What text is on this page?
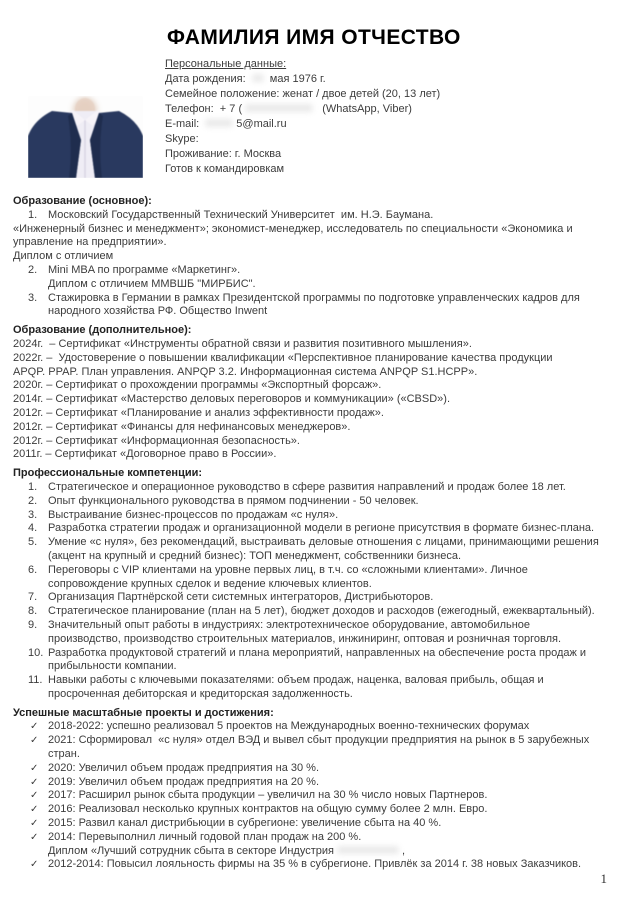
ФАМИЛИЯ ИМЯ ОТЧЕСТВО
Персональные данные:
Дата рождения:  мая 1976 г.
Семейное положение: женат / двое детей (20, 13 лет)
Телефон:  + 7 (	(WhatsApp, Viber)
E-mail:	5@mail.ru
Skype:
Проживание: г. Москва
Готов к командировкам
Образование (основное):
1. Московский Государственный Технический Университет  им. Н.Э. Баумана.
«Инженерный бизнес и менеджмент»; экономист-менеджер, исследователь по специальности «Экономика и
управление на предприятии».
Диплом с отличием
2. Mini MBA по программе «Маркетинг».
Диплом с отличием ММВШБ "МИРБИС".
3. Стажировка в Германии в рамках Президентской программы по подготовке управленческих кадров для
народного хозяйства РФ. Общество Inwent
Образование (дополнительное):
2024г.  – Сертификат «Инструменты обратной связи и развития позитивного мышления».
2022г. –  Удостоверение о повышении квалификации «Перспективное планирование качества продукции
APQP. PPAP. План управления. ANPQP 3.2. Информационная система ANPQP S1.HCPP».
2020г. – Сертификат о прохождении программы «Экспортный форсаж».
2014г. – Сертификат «Мастерство деловых переговоров и коммуникации» («CBSD»).
2012г. – Сертификат «Планирование и анализ эффективности продаж».
2012г. – Сертификат «Финансы для нефинансовых менеджеров».
2012г. – Сертификат «Информационная безопасность».
2011г. – Сертификат «Договорное право в России».
Профессиональные компетенции:
1. Стратегическое и операционное руководство в сфере развития направлений и продаж более 18 лет.
2. Опыт функционального руководства в прямом подчинении - 50 человек.
3. Выстраивание бизнес-процессов по продажам «с нуля».
4. Разработка стратегии продаж и организационной модели в регионе присутствия в формате бизнес-плана.
5. Умение «с нуля», без рекомендаций, выстраивать деловые отношения с лицами, принимающими решения
(акцент на крупный и средний бизнес): ТОП менеджмент, собственники бизнеса.
6. Переговоры с VIP клиентами на уровне первых лиц, в т.ч. со «сложными клиентами». Личное
сопровождение крупных сделок и ведение ключевых клиентов.
7. Организация Партнёрской сети системных интеграторов, Дистрибьюторов.
8. Стратегическое планирование (план на 5 лет), бюджет доходов и расходов (ежегодный, ежеквартальный).
9. Значительный опыт работы в индустриях: электротехническое оборудование, автомобильное
производство, производство строительных материалов, инжиниринг, оптовая и розничная торговля.
10. Разработка продуктовой стратегий и плана мероприятий, направленных на обеспечение роста продаж и
прибыльности компании.
11. Навыки работы с ключевыми показателями: объем продаж, наценка, валовая прибыль, общая и
просроченная дебиторская и кредиторская задолженность.
Успешные масштабные проекты и достижения:
✓ 2018-2022: успешно реализовал 5 проектов на Международных военно-технических форумах
✓ 2021: Сформировал  «с нуля» отдел ВЭД и вывел сбыт продукции предприятия на рынок в 5 зарубежных
стран.
✓ 2020: Увеличил объем продаж предприятия на 30 %.
✓ 2019: Увеличил объем продаж предприятия на 20 %.
✓ 2017: Расширил рынок сбыта продукции – увеличил на 30 % число новых Партнеров.
✓ 2016: Реализовал несколько крупных контрактов на общую сумму более 2 млн. Евро.
✓ 2015: Развил канал дистрибьюции в субрегионе: увеличение сбыта на 40 %.
✓ 2014: Перевыполнил личный годовой план продаж на 200 %.
Диплом «Лучший сотрудник сбыта в секторе Индустрия	,
✓ 2012-2014: Повысил лояльность фирмы на 35 % в субрегионе. Привлёк за 2014 г. 38 новых Заказчиков.
1
